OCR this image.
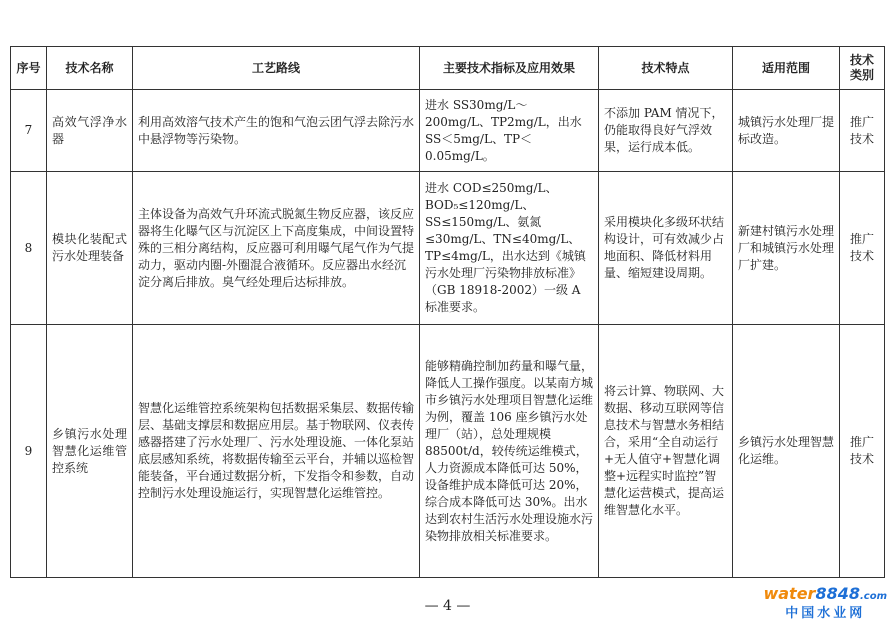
序号	技术名称	工艺路线	主要技术指标及应用效果	技术特点	适用范围	技术类别
7	高效气浮净水器	利用高效溶气技术产生的饱和气泡云团气浮去除污水中悬浮物等污染物。	进水 SS30mg/L～200mg/L、TP2mg/L，出水 SS＜5mg/L、TP＜0.05mg/L。	不添加 PAM 情况下，仍能取得良好气浮效果，运行成本低。	城镇污水处理厂提标改造。	推广技术
8	模块化装配式污水处理装备	主体设备为高效气升环流式脱氮生物反应器，该反应器将生化曝气区与沉淀区上下高度集成，中间设置特殊的三相分离结构，反应器可利用曝气尾气作为气提动力，驱动内圈-外圈混合液循环。反应器出水经沉淀分离后排放。臭气经处理后达标排放。	进水 COD≤250mg/L、BOD₅≤120mg/L、SS≤150mg/L、氨氮≤30mg/L、TN≤40mg/L、TP≤4mg/L，出水达到《城镇污水处理厂污染物排放标准》（GB 18918-2002）一级 A 标准要求。	采用模块化多级环状结构设计，可有效减少占地面积、降低材料用量、缩短建设周期。	新建村镇污水处理厂和城镇污水处理厂扩建。	推广技术
9	乡镇污水处理智慧化运维管控系统	智慧化运维管控系统架构包括数据采集层、数据传输层、基础支撑层和数据应用层。基于物联网、仪表传感器搭建了污水处理厂、污水处理设施、一体化泵站底层感知系统，将数据传输至云平台，并辅以巡检智能装备，平台通过数据分析，下发指令和参数，自动控制污水处理设施运行，实现智慧化运维管控。	能够精确控制加药量和曝气量，降低人工操作强度。以某南方城市乡镇污水处理项目智慧化运维为例，覆盖 106 座乡镇污水处理厂（站），总处理规模 88500t/d，较传统运维模式，人力资源成本降低可达 50%，设备维护成本降低可达 20%，综合成本降低可达 30%。出水达到农村生活污水处理设施水污染物排放相关标准要求。	将云计算、物联网、大数据、移动互联网等信息技术与智慧水务相结合，采用“全自动运行+无人值守+智慧化调整+远程实时监控”智慧化运营模式，提高运维智慧化水平。	乡镇污水处理智慧化运维。	推广技术
— 4 —
water8848.com
中国水业网
